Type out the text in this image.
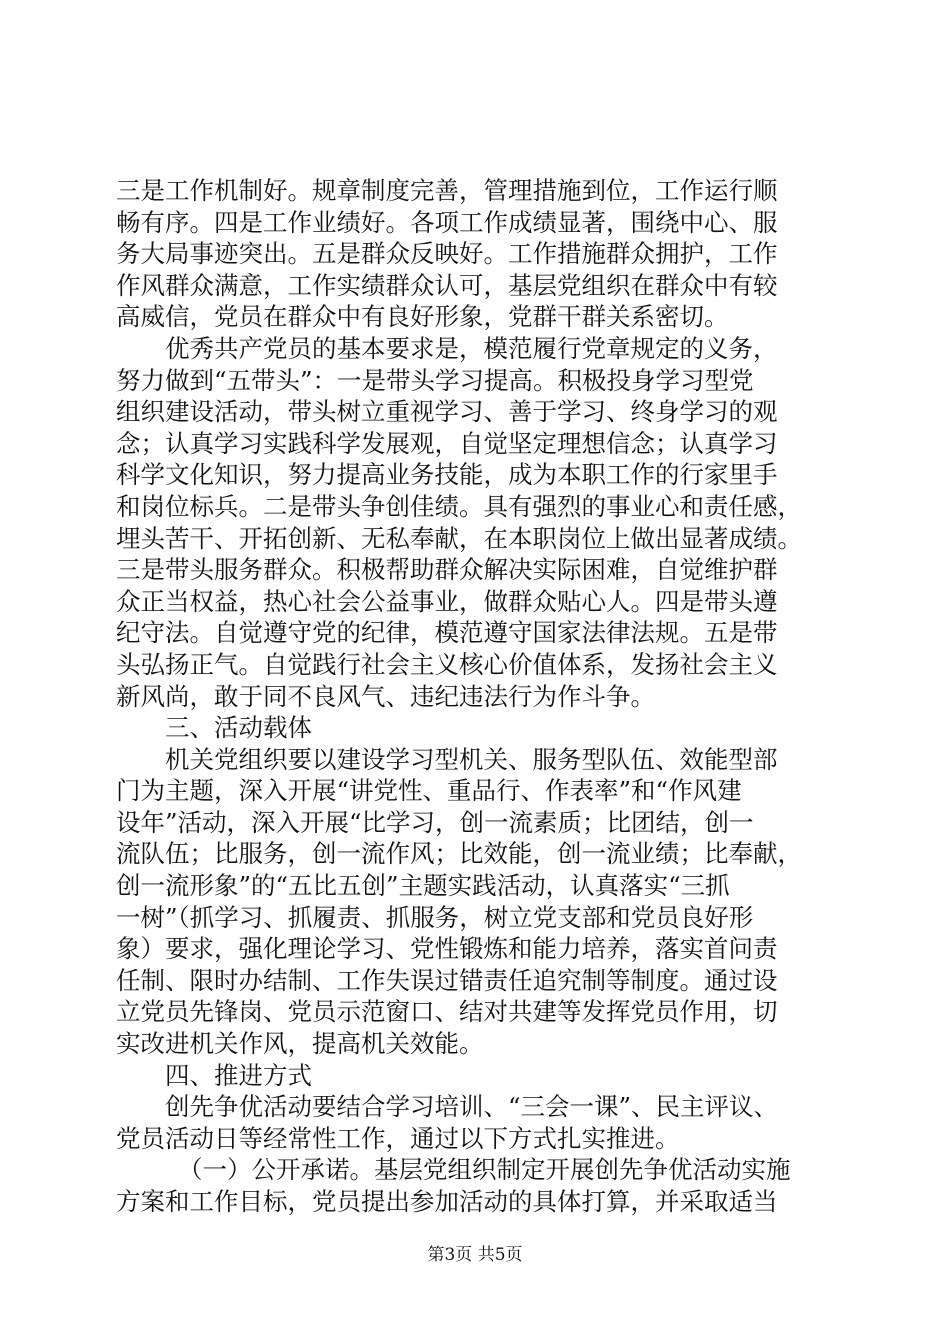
三是工作机制好。规章制度完善，管理措施到位，工作运行顺
畅有序。四是工作业绩好。各项工作成绩显著，围绕中心、服
务大局事迹突出。五是群众反映好。工作措施群众拥护，工作
作风群众满意，工作实绩群众认可，基层党组织在群众中有较
高威信，党员在群众中有良好形象，党群干群关系密切。
优秀共产党员的基本要求是，模范履行党章规定的义务，
努力做到“五带头”：一是带头学习提高。积极投身学习型党
组织建设活动，带头树立重视学习、善于学习、终身学习的观
念；认真学习实践科学发展观，自觉坚定理想信念；认真学习
科学文化知识，努力提高业务技能，成为本职工作的行家里手
和岗位标兵。二是带头争创佳绩。具有强烈的事业心和责任感，
埋头苦干、开拓创新、无私奉献，在本职岗位上做出显著成绩。
三是带头服务群众。积极帮助群众解决实际困难，自觉维护群
众正当权益，热心社会公益事业，做群众贴心人。四是带头遵
纪守法。自觉遵守党的纪律，模范遵守国家法律法规。五是带
头弘扬正气。自觉践行社会主义核心价值体系，发扬社会主义
新风尚，敢于同不良风气、违纪违法行为作斗争。
三、活动载体
机关党组织要以建设学习型机关、服务型队伍、效能型部
门为主题，深入开展“讲党性、重品行、作表率”和“作风建
设年”活动，深入开展“比学习，创一流素质；比团结，创一
流队伍；比服务，创一流作风；比效能，创一流业绩；比奉献，
创一流形象”的“五比五创”主题实践活动，认真落实“三抓
一树”（抓学习、抓履责、抓服务，树立党支部和党员良好形
象）要求，强化理论学习、党性锻炼和能力培养，落实首问责
任制、限时办结制、工作失误过错责任追究制等制度。通过设
立党员先锋岗、党员示范窗口、结对共建等发挥党员作用，切
实改进机关作风，提高机关效能。
四、推进方式
创先争优活动要结合学习培训、“三会一课”、民主评议、
党员活动日等经常性工作，通过以下方式扎实推进。
（一）公开承诺。基层党组织制定开展创先争优活动实施
方案和工作目标，党员提出参加活动的具体打算，并采取适当
第3页 共5页
